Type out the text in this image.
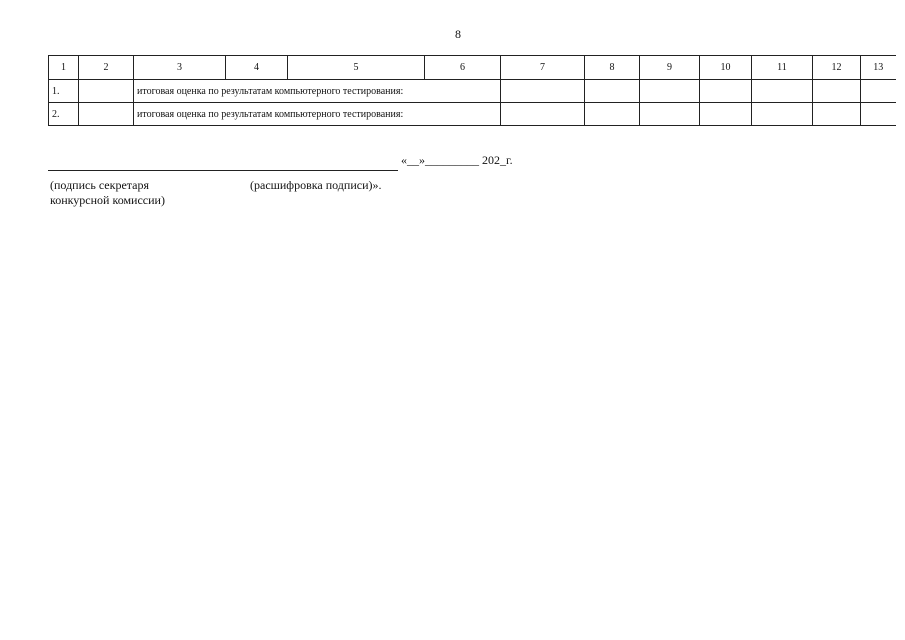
8
1	2	3	4	5	6	7	8	9	10	11	12	13
1.		итоговая оценка по результатам компьютерного тестирования:										
2.		итоговая оценка по результатам компьютерного тестирования:										
«__»_________ 202_г.
(подпись секретаря
конкурсной комиссии)
(расшифровка подписи)».
